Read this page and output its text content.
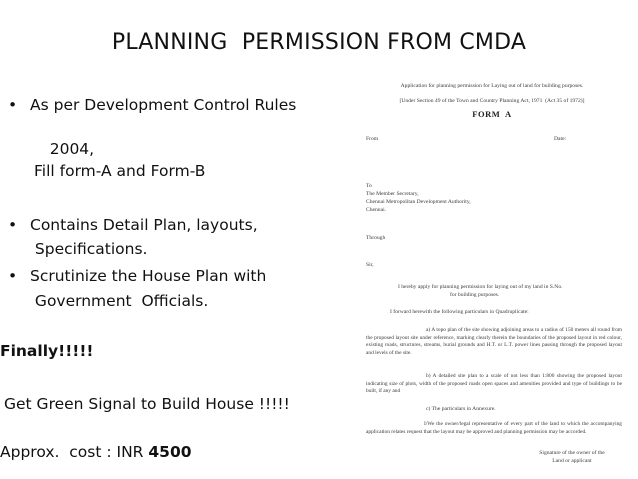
PLANNING  PERMISSION FROM CMDA
• As per Development Control Rules

2004,

Fill form-A and Form-B
• Contains Detail Plan, layouts,
Specifications.
• Scrutinize the House Plan with
Government  Officials.
Finally!!!!!
Get Green Signal to Build House !!!!!
Approx.  cost : INR 4500
Application for planning permission for Laying out of land for building purposes.
[Under Section 49 of the Town and Country Planning Act, 1971  (Act 35 of 1972)]
FORM  A
From	Date:
To
The Member Secretary,
Chennai Metropolitan Development Authority,
Chennai.
Through
Sir,
I hereby apply for planning permission for laying out of my land in S.No.
for building purposes.
I forward herewith the following particulars in Quadruplicate:
a) A topo plan of the site showing adjoining areas to a radius of 150 meters all round from the proposed layout site under reference, marking clearly therein the boundaries of the proposed layout in red colour, existing roads, structures, streams, burial grounds and H.T. or L.T. power lines passing through the proposed layout and levels of the site.
b) A detailed site plan to a scale of not less than 1:800 showing the proposed layout indicating size of plots, width of the proposed roads open spaces and amenities provided and type of buildings to be built, if any and
c) The particulars in Annexure.
I/We the owner/legal representative of every part of the land to which the accompanying application relates request that the layout may be approved and planning permission may be accorded.
Signature of the owner of the
Land or applicant
